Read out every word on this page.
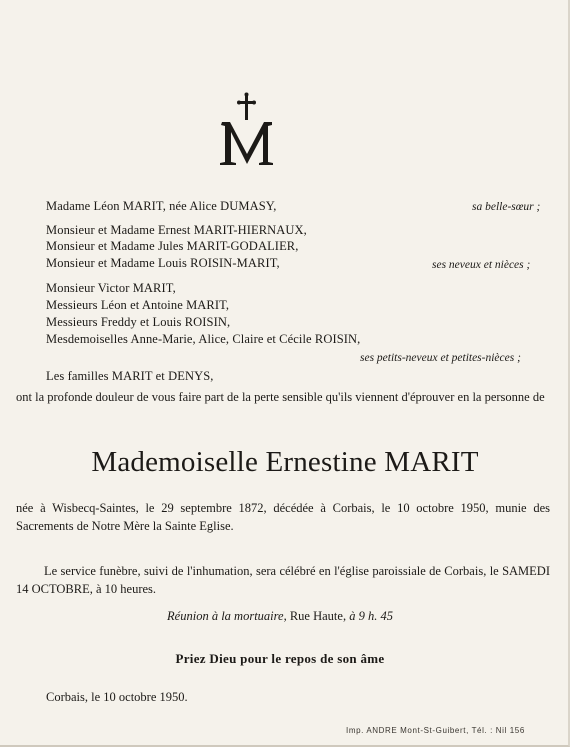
Madame Léon MARIT, née Alice DUMASY,	sa belle-sœur ;
Monsieur et Madame Ernest MARIT-HIERNAUX,
Monsieur et Madame Jules MARIT-GODALIER,
Monsieur et Madame Louis ROISIN-MARIT,	ses neveux et nièces ;
Monsieur Victor MARIT,
Messieurs Léon et Antoine MARIT,
Messieurs Freddy et Louis ROISIN,
Mesdemoiselles Anne-Marie, Alice, Claire et Cécile ROISIN,
ses petits-neveux et petites-nièces ;
Les familles MARIT et DENYS,
ont la profonde douleur de vous faire part de la perte sensible qu'ils viennent d'éprouver en la personne de
Mademoiselle Ernestine MARIT
née à Wisbecq-Saintes, le 29 septembre 1872, décédée à Corbais, le 10 octobre 1950, munie des Sacrements de Notre Mère la Sainte Eglise.
Le service funèbre, suivi de l'inhumation, sera célébré en l'église paroissiale de Corbais, le SAMEDI 14 OCTOBRE, à 10 heures.
Réunion à la mortuaire, Rue Haute, à 9 h. 45
Priez Dieu pour le repos de son âme
Corbais, le 10 octobre 1950.
Imp. ANDRE Mont-St-Guibert, Tél. : Nil 156
